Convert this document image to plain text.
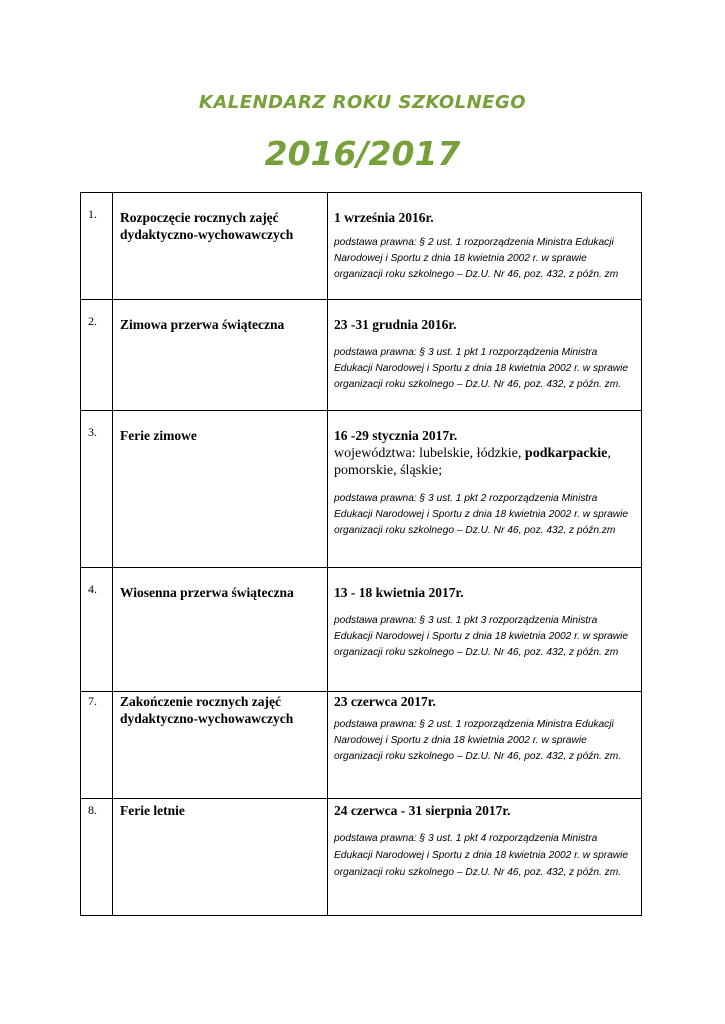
KALENDARZ ROKU SZKOLNEGO
2016/2017
1.	Rozpoczęcie rocznych zajęć dydaktyczno-wychowawczych	1 września 2016r.
podstawa prawna: § 2 ust. 1 rozporządzenia Ministra Edukacji Narodowej i Sportu z dnia 18 kwietnia 2002 r. w sprawie organizacji roku szkolnego – Dz.U. Nr 46, poz. 432, z późn. zm

2.	Zimowa przerwa świąteczna	23 -31 grudnia 2016r.
podstawa prawna: § 3 ust. 1 pkt 1 rozporządzenia Ministra Edukacji Narodowej i Sportu z dnia 18 kwietnia 2002 r. w sprawie organizacji roku szkolnego – Dz.U. Nr 46, poz. 432, z późn. zm.

3.	Ferie zimowe	16 -29 stycznia 2017r.
województwa: lubelskie, łódzkie, podkarpackie, pomorskie, śląskie;
podstawa prawna: § 3 ust. 1 pkt 2 rozporządzenia Ministra Edukacji Narodowej i Sportu z dnia 18 kwietnia 2002 r. w sprawie organizacji roku szkolnego – Dz.U. Nr 46, poz. 432, z późn.zm

4.	Wiosenna przerwa świąteczna	13 - 18 kwietnia 2017r.
podstawa prawna: § 3 ust. 1 pkt 3 rozporządzenia Ministra Edukacji Narodowej i Sportu z dnia 18 kwietnia 2002 r. w sprawie organizacji roku szkolnego – Dz.U. Nr 46, poz. 432, z późn. zm

7.	Zakończenie rocznych zajęć dydaktyczno-wychowawczych	23 czerwca 2017r.
podstawa prawna: § 2 ust. 1 rozporządzenia Ministra Edukacji Narodowej i Sportu z dnia 18 kwietnia 2002 r. w sprawie organizacji roku szkolnego – Dz.U. Nr 46, poz. 432, z późn. zm.

8.	Ferie letnie	24 czerwca - 31 sierpnia 2017r.
podstawa prawna: § 3 ust. 1 pkt 4 rozporządzenia Ministra Edukacji Narodowej i Sportu z dnia 18 kwietnia 2002 r. w sprawie organizacji roku szkolnego – Dz.U. Nr 46, poz. 432, z późn. zm.
